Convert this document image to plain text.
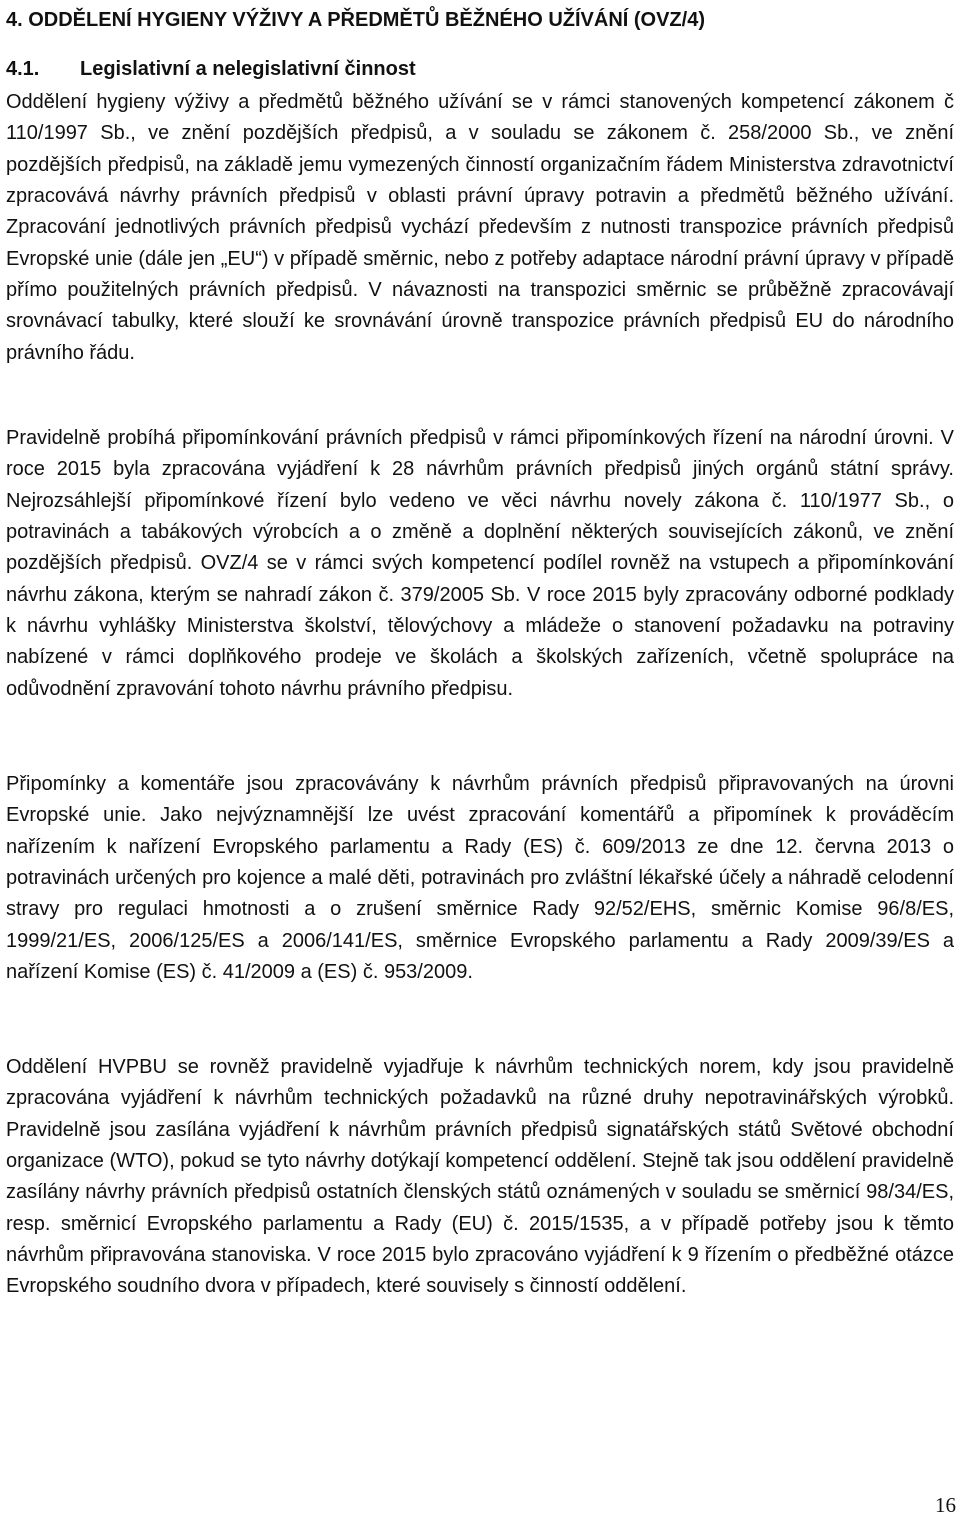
4. ODDĚLENÍ HYGIENY VÝŽIVY A PŘEDMĚTŮ BĚŽNÉHO UŽÍVÁNÍ (OVZ/4)
4.1. Legislativní a nelegislativní činnost

Oddělení hygieny výživy a předmětů běžného užívání se v rámci stanovených kompetencí zákonem č 110/1997 Sb., ve znění pozdějších předpisů, a v souladu se zákonem č. 258/2000 Sb., ve znění pozdějších předpisů, na základě jemu vymezených činností organizačním řádem Ministerstva zdravotnictví zpracovává návrhy právních předpisů v oblasti právní úpravy potravin a předmětů běžného užívání. Zpracování jednotlivých právních předpisů vychází především z nutnosti transpozice právních předpisů Evropské unie (dále jen „EU“) v případě směrnic, nebo z potřeby adaptace národní právní úpravy v případě přímo použitelných právních předpisů. V návaznosti na transpozici směrnic se průběžně zpracovávají srovnávací tabulky, které slouží ke srovnávání úrovně transpozice právních předpisů EU do národního právního řádu.

Pravidelně probíhá připomínkování právních předpisů v rámci připomínkových řízení na národní úrovni. V roce 2015 byla zpracována vyjádření k 28 návrhům právních předpisů jiných orgánů státní správy. Nejrozsáhlejší připomínkové řízení bylo vedeno ve věci návrhu novely zákona č. 110/1977 Sb., o potravinách a tabákových výrobcích a o změně a doplnění některých souvisejících zákonů, ve znění pozdějších předpisů. OVZ/4 se v rámci svých kompetencí podílel rovněž na vstupech a připomínkování návrhu zákona, kterým se nahradí zákon č. 379/2005 Sb. V roce 2015 byly zpracovány odborné podklady k návrhu vyhlášky Ministerstva školství, tělovýchovy a mládeže o stanovení požadavku na potraviny nabízené v rámci doplňkového prodeje ve školách a školských zařízeních, včetně spolupráce na odůvodnění zpravování tohoto návrhu právního předpisu.

Připomínky a komentáře jsou zpracovávány k návrhům právních předpisů připravovaných na úrovni Evropské unie. Jako nejvýznamnější lze uvést zpracování komentářů a připomínek k prováděcím nařízením k nařízení Evropského parlamentu a Rady (ES) č. 609/2013 ze dne 12. června 2013 o potravinách určených pro kojence a malé děti, potravinách pro zvláštní lékařské účely a náhradě celodenní stravy pro regulaci hmotnosti a o zrušení směrnice Rady 92/52/EHS, směrnic Komise 96/8/ES, 1999/21/ES, 2006/125/ES a 2006/141/ES, směrnice Evropského parlamentu a Rady 2009/39/ES a nařízení Komise (ES) č. 41/2009 a (ES) č. 953/2009.

Oddělení HVPBU se rovněž pravidelně vyjadřuje k návrhům technických norem, kdy jsou pravidelně zpracována vyjádření k návrhům technických požadavků na různé druhy nepotravinářských výrobků. Pravidelně jsou zasílána vyjádření k návrhům právních předpisů signatářských států Světové obchodní organizace (WTO), pokud se tyto návrhy dotýkají kompetencí oddělení. Stejně tak jsou oddělení pravidelně zasílány návrhy právních předpisů ostatních členských států oznámených v souladu se směrnicí 98/34/ES, resp. směrnicí Evropského parlamentu a Rady (EU) č. 2015/1535, a v případě potřeby jsou k těmto návrhům připravována stanoviska. V roce 2015 bylo zpracováno vyjádření k 9 řízením o předběžné otázce Evropského soudního dvora v případech, které souvisely s činností oddělení.

16
